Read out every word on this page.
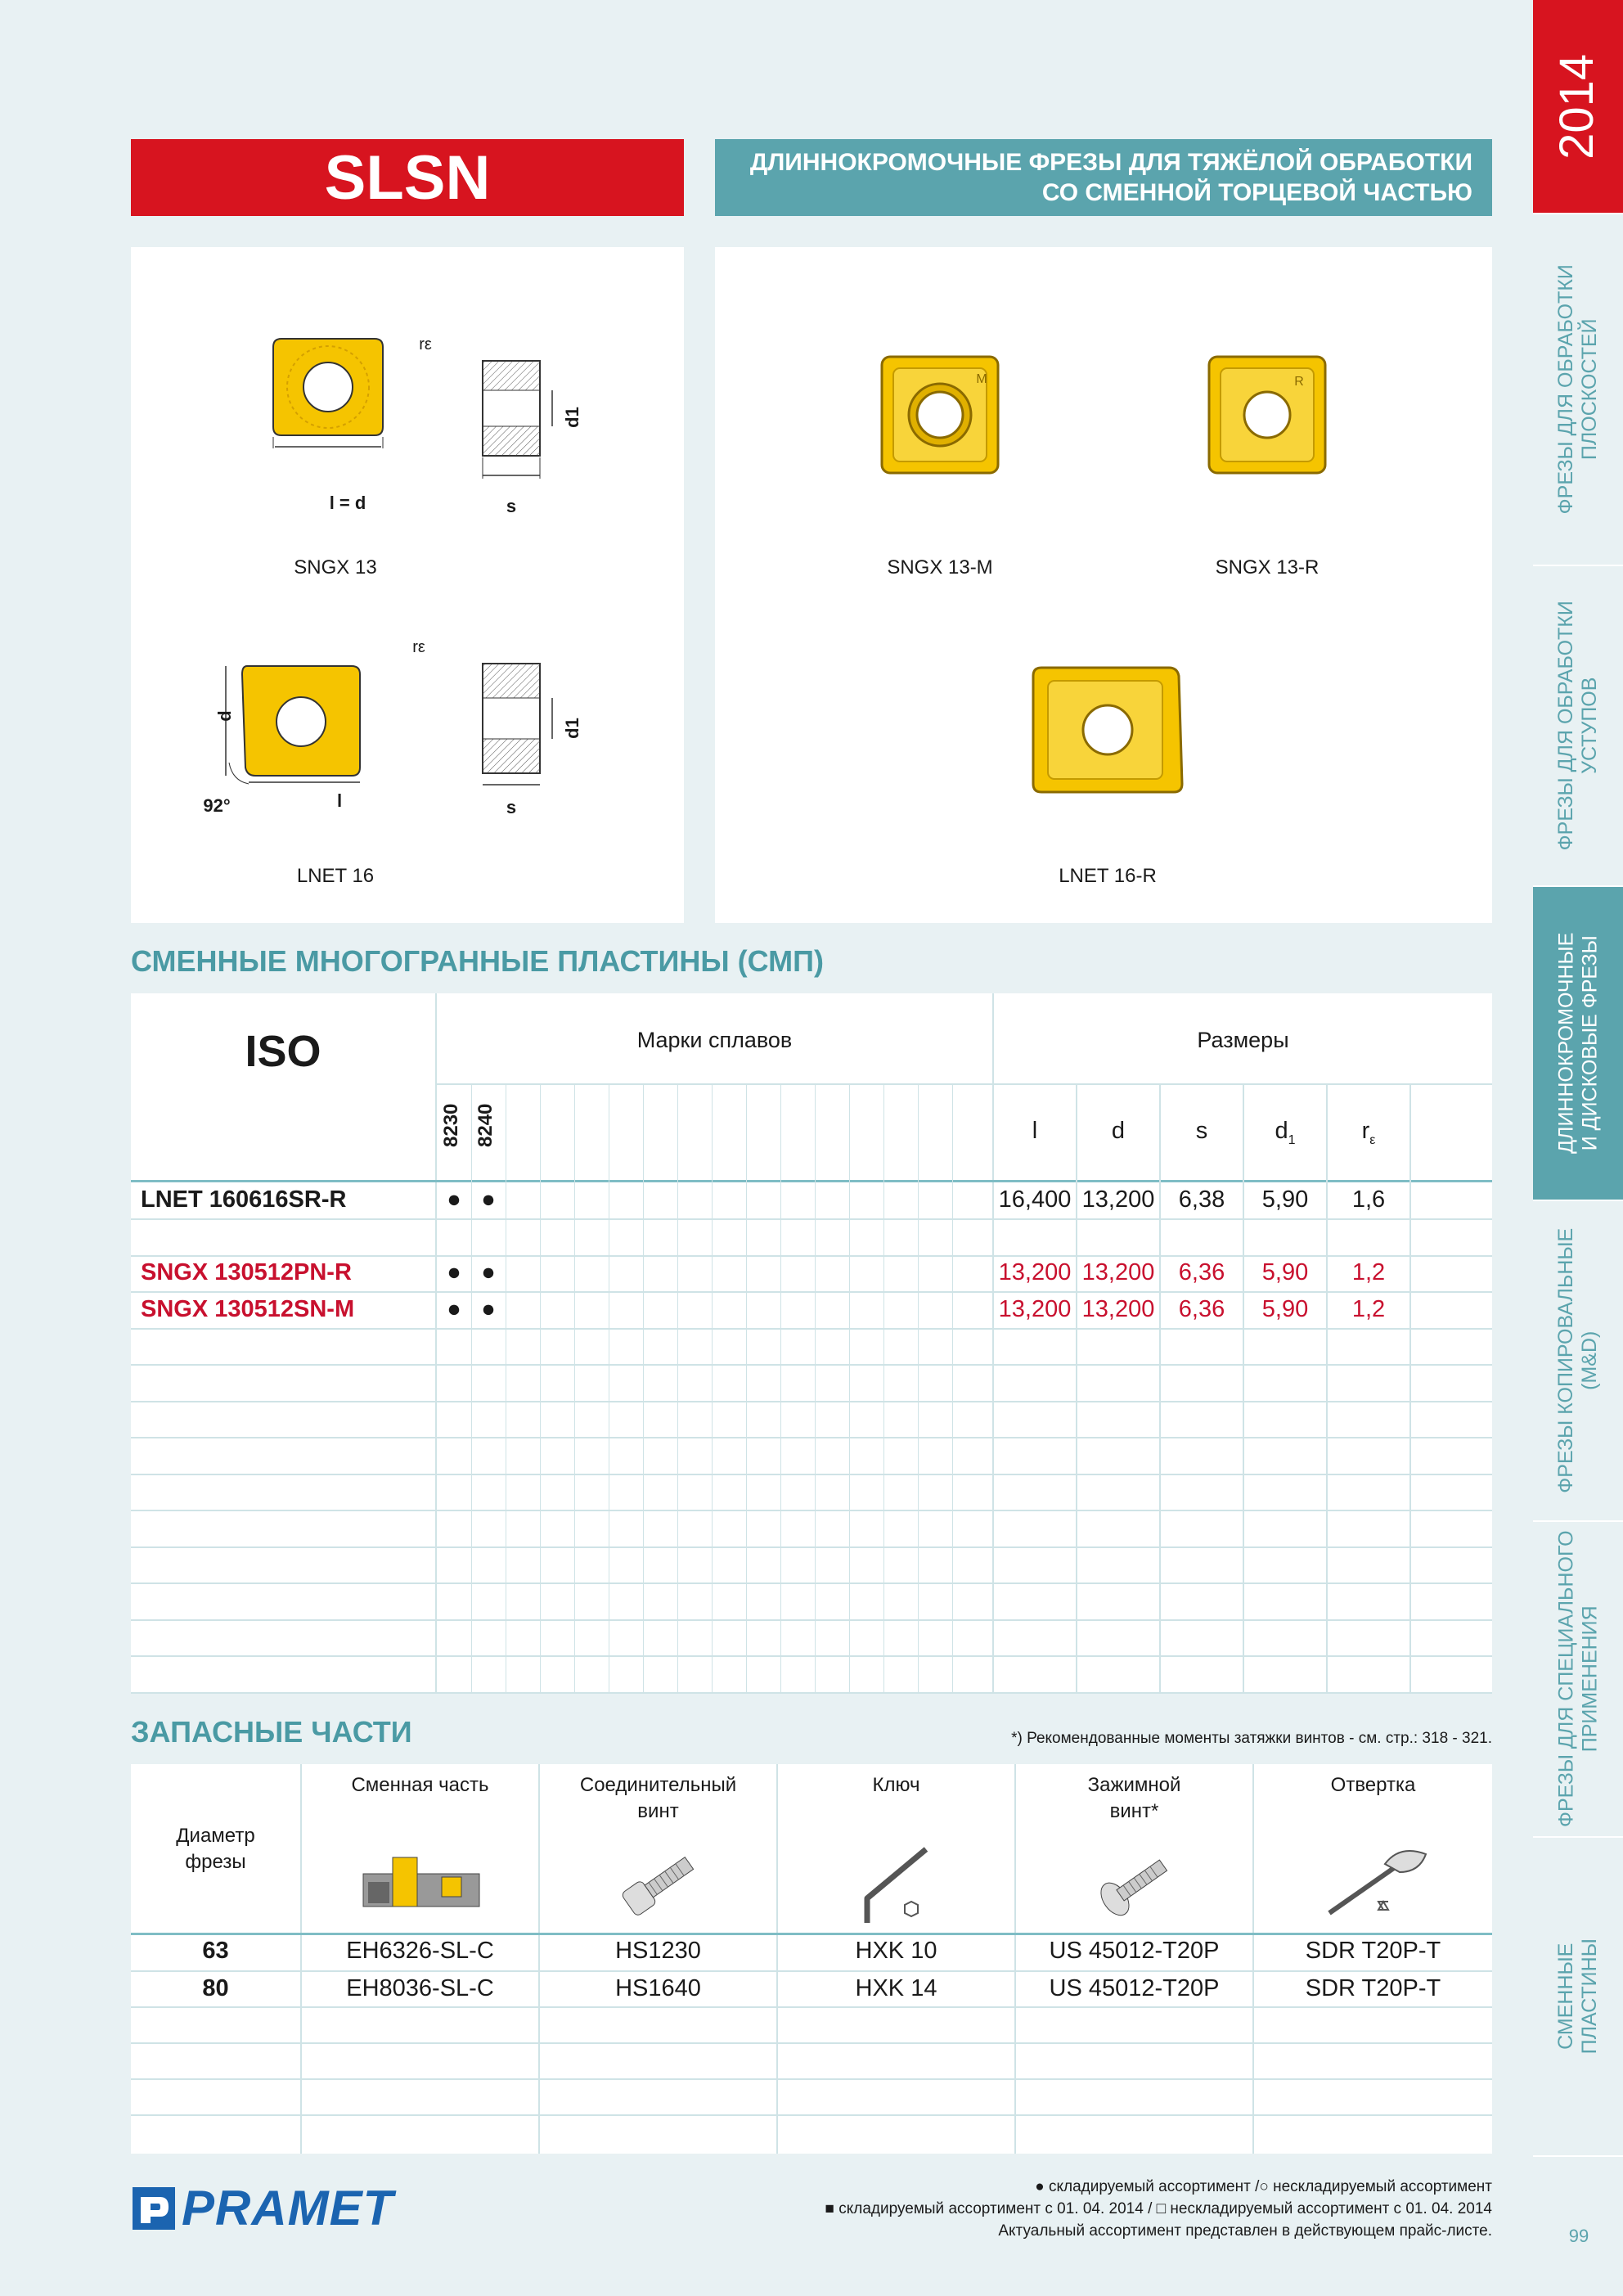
SLSN	ДЛИННОКРОМОЧНЫЕ ФРЕЗЫ ДЛЯ ТЯЖЁЛОЙ ОБРАБОТКИ
СО СМЕННОЙ ТОРЦЕВОЙ ЧАСТЬЮ
2014
ФРЕЗЫ ДЛЯ ОБРАБОТКИ ПЛОСКОСТЕЙ
ФРЕЗЫ ДЛЯ ОБРАБОТКИ УСТУПОВ
ДЛИННОКРОМОЧНЫЕ И ДИСКОВЫЕ ФРЕЗЫ
ФРЕЗЫ КОПИРОВАЛЬНЫЕ (M&D)
ФРЕЗЫ ДЛЯ СПЕЦИАЛЬНОГО ПРИМЕНЕНИЯ
СМЕННЫЕ ПЛАСТИНЫ
99
l = d
rε
d1
s
SNGX 13
d
l
92°
rε
d1
s
LNET 16
M	R
SNGX 13-M	SNGX 13-R
LNET 16-R
СМЕННЫЕ МНОГОГРАННЫЕ ПЛАСТИНЫ (СМП)
ISO	Марки сплавов	Размеры
8230 8240	l	d	s	$d_1$	$r_\varepsilon$
LNET 160616SR-R	● ●	16,400 13,200	6,38	5,90	1,6
SNGX 130512PN-R	● ●	13,200 13,200	6,36	5,90	1,2
SNGX 130512SN-M	● ●	13,200 13,200	6,36	5,90	1,2
ЗАПАСНЫЕ ЧАСТИ	*) Рекомендованные моменты затяжки винтов - см. стр.: 318 - 321.
Диаметр
фрезы
Сменная часть	Соединительный
винт
Ключ	Зажимной
винт*
Отвертка
63	EH6326-SL-C	HS1230	HXK 10	US 45012-T20P	SDR T20P-T
80	EH8036-SL-C	HS1640	HXK 14	US 45012-T20P	SDR T20P-T
PRAMET	● складируемый ассортимент /○ нескладируемый ассортимент
■ складируемый ассортимент с 01. 04. 2014 / □ нескладируемый ассортимент с 01. 04. 2014
Актуальный ассортимент представлен в действующем прайс-листе.
